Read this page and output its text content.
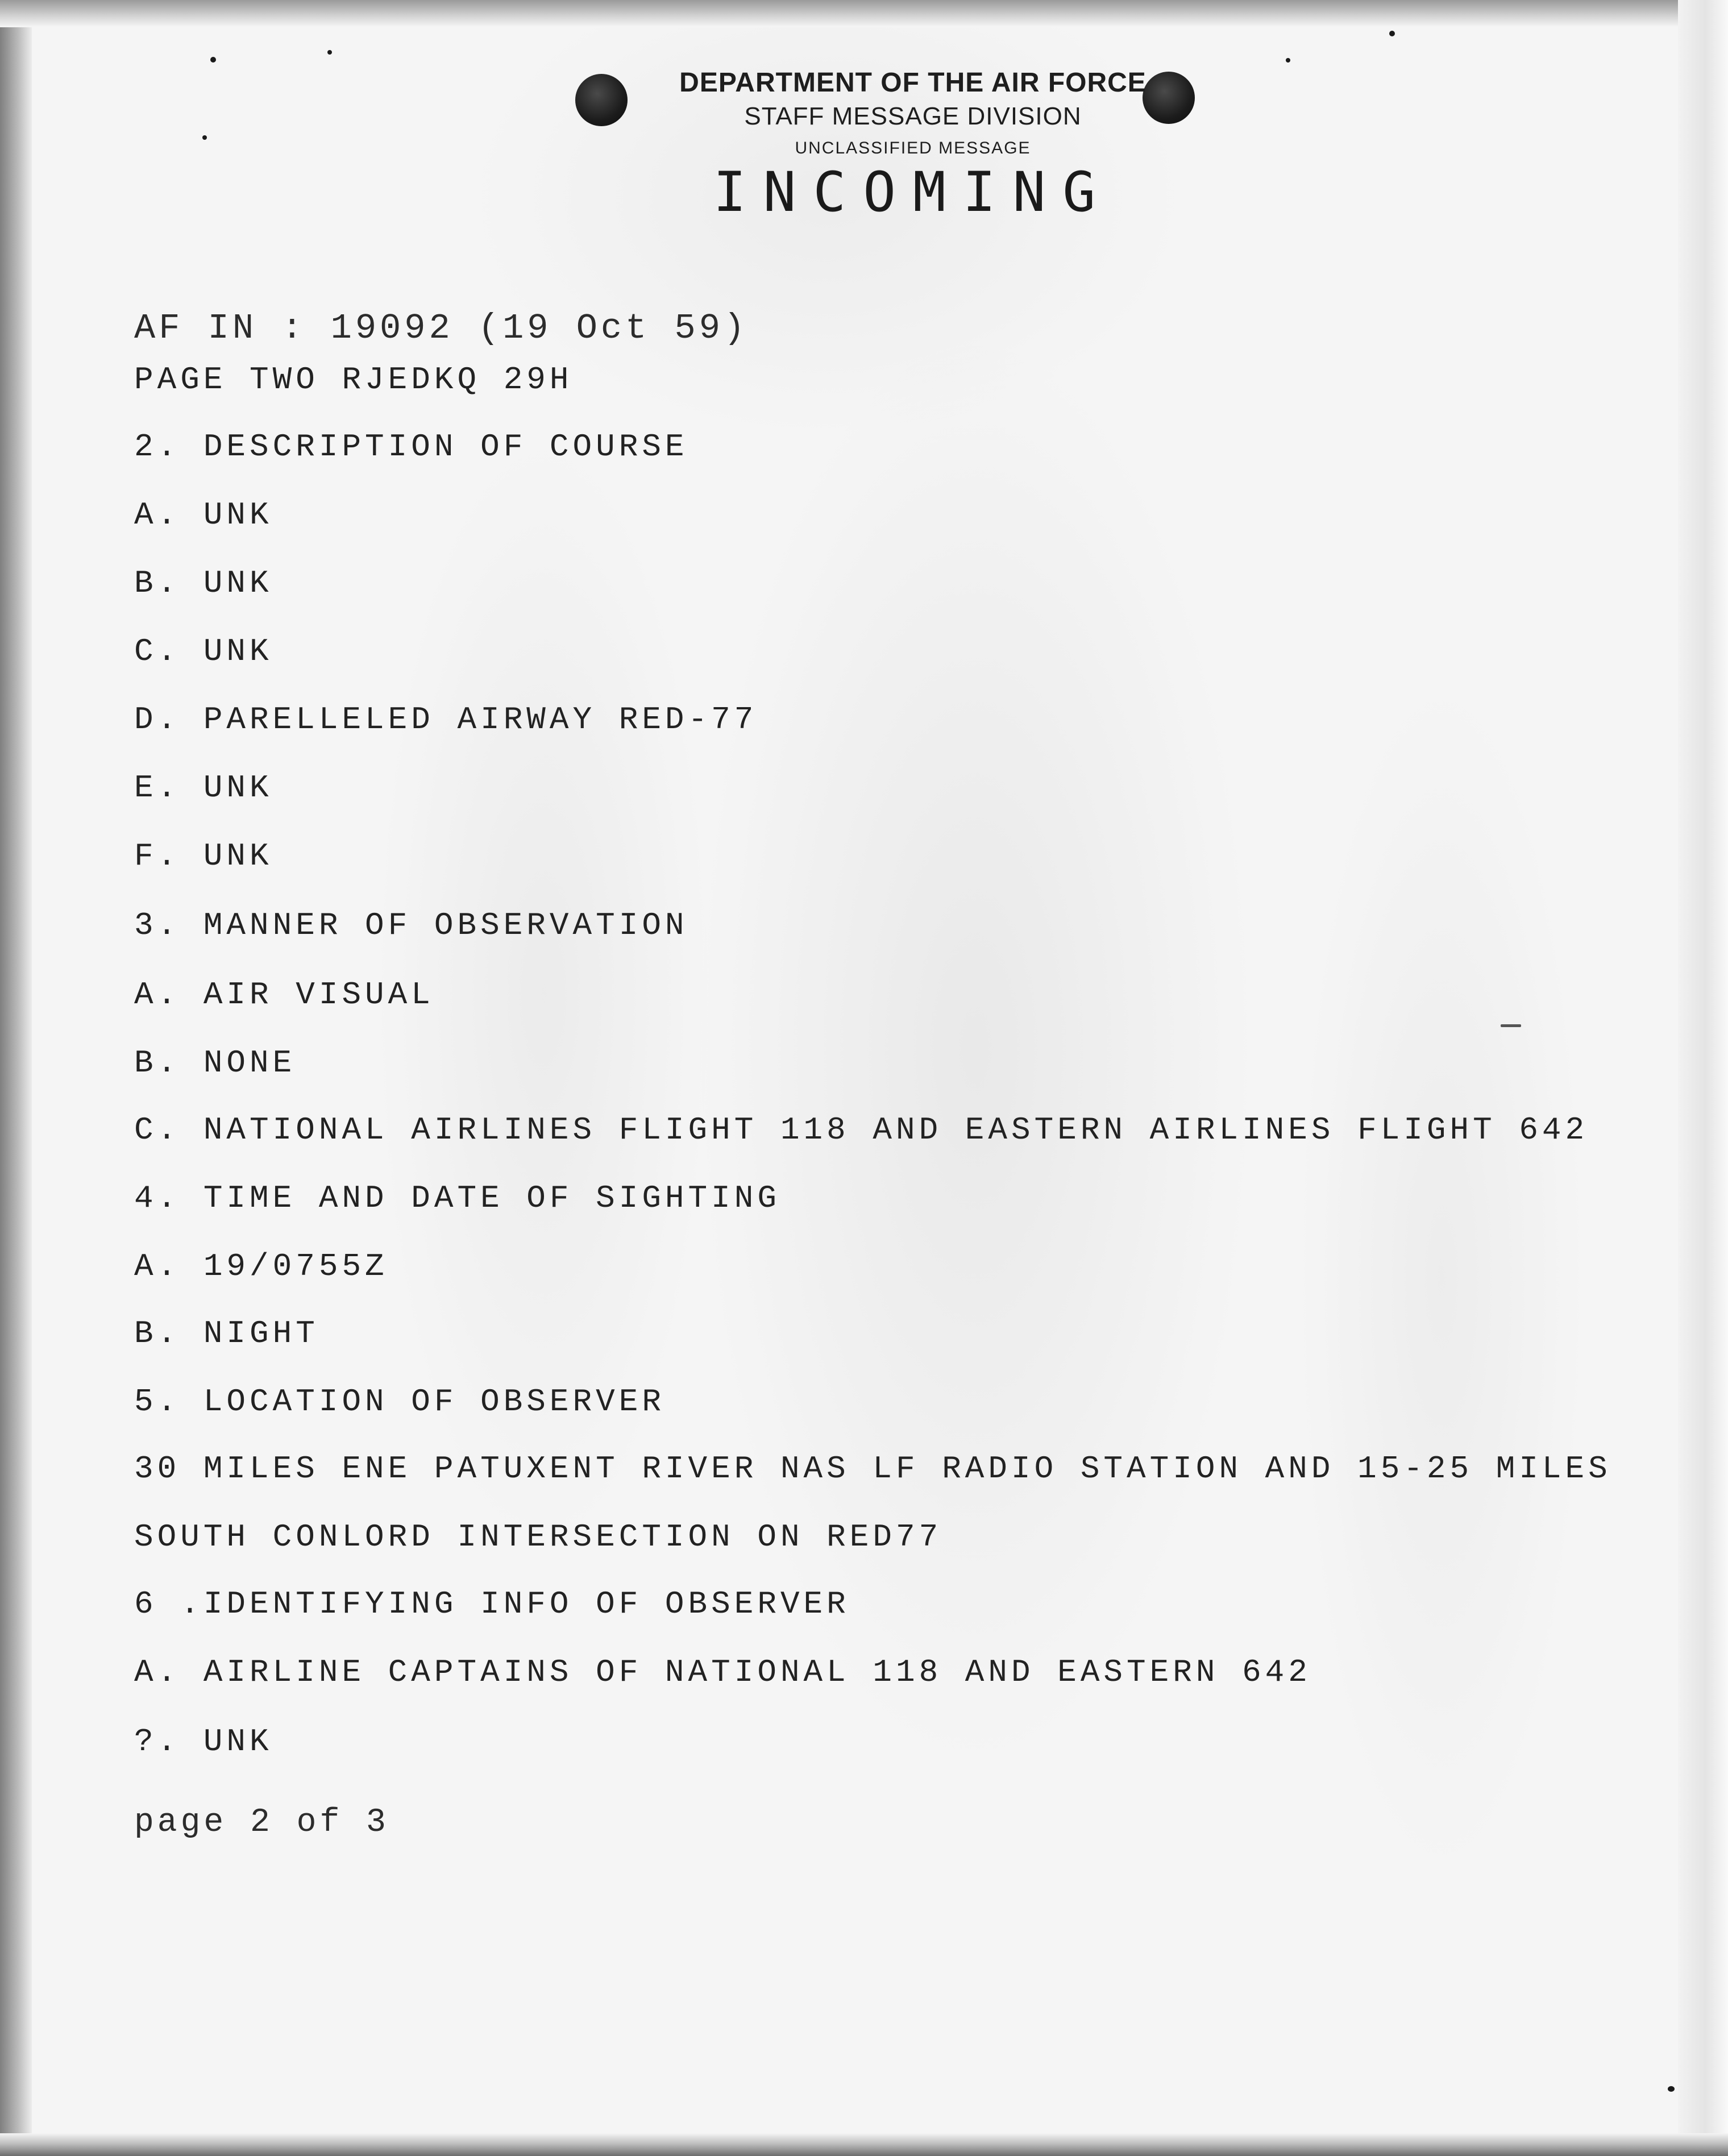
DEPARTMENT OF THE AIR FORCE
STAFF MESSAGE DIVISION
UNCLASSIFIED MESSAGE
INCOMING
AF IN : 19092 (19 Oct 59)
PAGE TWO RJEDKQ 29H
2. DESCRIPTION OF COURSE
A. UNK
B. UNK
C. UNK
D. PARELLELED AIRWAY RED-77
E. UNK
F. UNK
3. MANNER OF OBSERVATION
A. AIR VISUAL
B. NONE
C. NATIONAL AIRLINES FLIGHT 118 AND EASTERN AIRLINES FLIGHT 642
4. TIME AND DATE OF SIGHTING
A. 19/0755Z
B. NIGHT
5. LOCATION OF OBSERVER
30 MILES ENE PATUXENT RIVER NAS LF RADIO STATION AND 15-25 MILES
SOUTH CONLORD INTERSECTION ON RED77
6 .IDENTIFYING INFO OF OBSERVER
A. AIRLINE CAPTAINS OF NATIONAL 118 AND EASTERN 642
?. UNK
page 2 of 3
